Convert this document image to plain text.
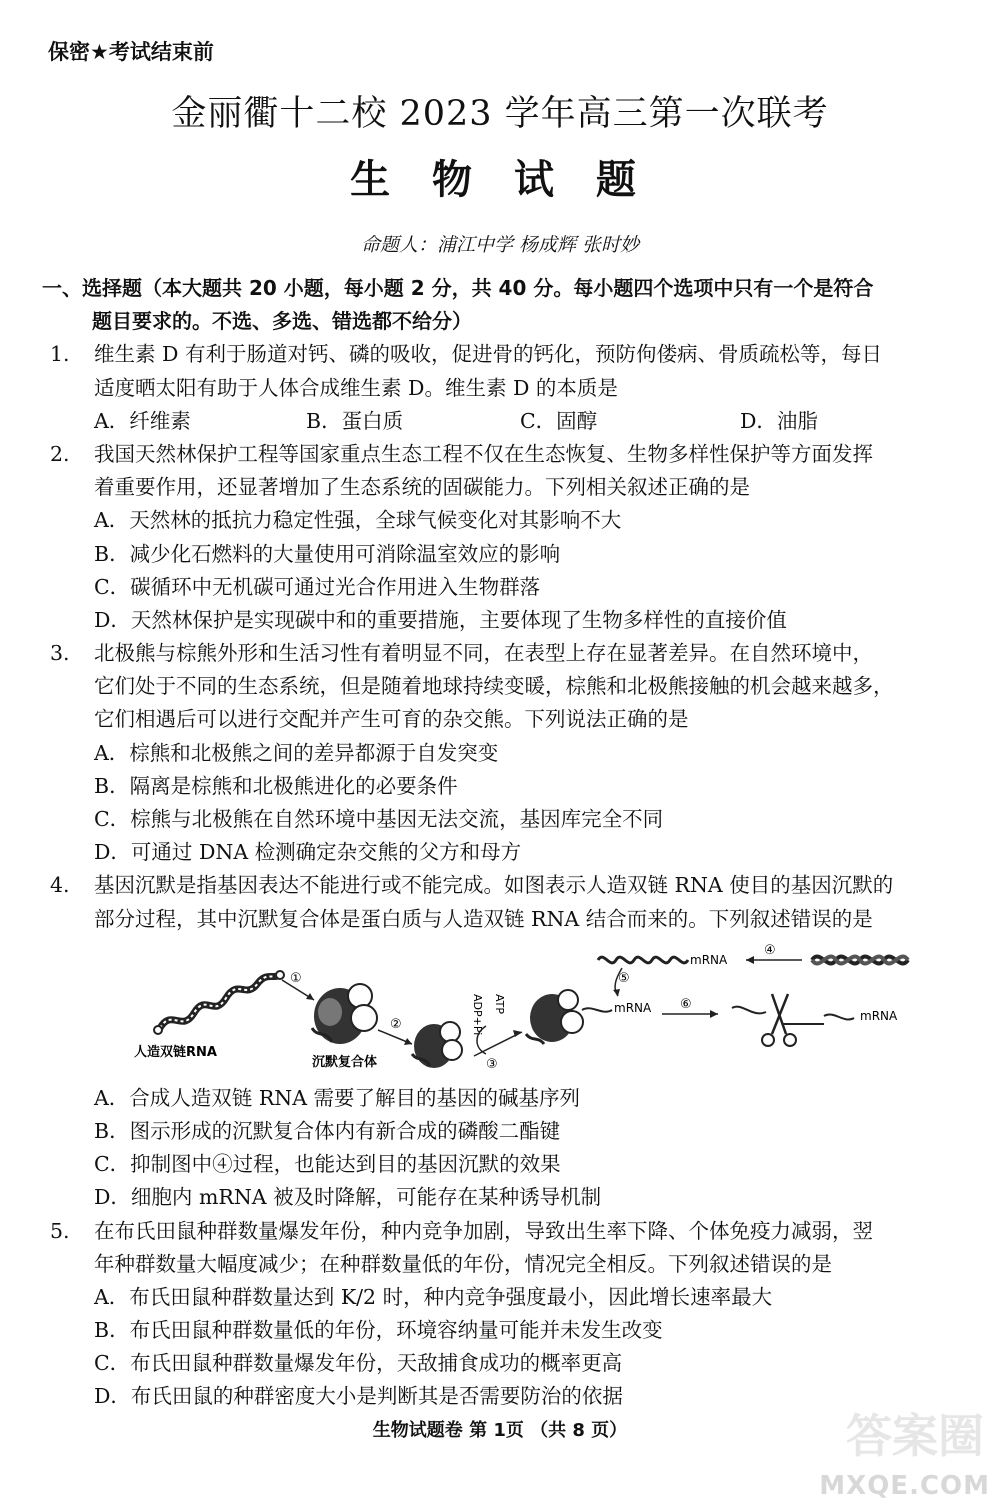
保密★考试结束前
金丽衢十二校 2023 学年高三第一次联考
生 物 试 题
命题人：浦江中学 杨成辉 张时妙
一、选择题（本大题共 20 小题，每小题 2 分，共 40 分。每小题四个选项中只有一个是符合
题目要求的。不选、多选、错选都不给分）
1. 维生素 D 有利于肠道对钙、磷的吸收，促进骨的钙化，预防佝偻病、骨质疏松等，每日
适度晒太阳有助于人体合成维生素 D。维生素 D 的本质是
A．纤维素	B．蛋白质	C．固醇	D．油脂
2. 我国天然林保护工程等国家重点生态工程不仅在生态恢复、生物多样性保护等方面发挥
着重要作用，还显著增加了生态系统的固碳能力。下列相关叙述正确的是
A．天然林的抵抗力稳定性强，全球气候变化对其影响不大
B．减少化石燃料的大量使用可消除温室效应的影响
C．碳循环中无机碳可通过光合作用进入生物群落
D．天然林保护是实现碳中和的重要措施，主要体现了生物多样性的直接价值
3. 北极熊与棕熊外形和生活习性有着明显不同，在表型上存在显著差异。在自然环境中，
它们处于不同的生态系统，但是随着地球持续变暖，棕熊和北极熊接触的机会越来越多，
它们相遇后可以进行交配并产生可育的杂交熊。下列说法正确的是
A．棕熊和北极熊之间的差异都源于自发突变
B．隔离是棕熊和北极熊进化的必要条件
C．棕熊与北极熊在自然环境中基因无法交流，基因库完全不同
D．可通过 DNA 检测确定杂交熊的父方和母方
4. 基因沉默是指基因表达不能进行或不能完成。如图表示人造双链 RNA 使目的基因沉默的
部分过程，其中沉默复合体是蛋白质与人造双链 RNA 结合而来的。下列叙述错误的是
人造双链RNA
①
沉默复合体
②	ADP+Pi ATP
③
mRNA
mRNA
④
⑤
⑥
mRNA
A．合成人造双链 RNA 需要了解目的基因的碱基序列
B．图示形成的沉默复合体内有新合成的磷酸二酯键
C．抑制图中④过程，也能达到目的基因沉默的效果
D．细胞内 mRNA 被及时降解，可能存在某种诱导机制
5. 在布氏田鼠种群数量爆发年份，种内竞争加剧，导致出生率下降、个体免疫力减弱，翌
年种群数量大幅度减少；在种群数量低的年份，情况完全相反。下列叙述错误的是
A．布氏田鼠种群数量达到 K/2 时，种内竞争强度最小，因此增长速率最大
B．布氏田鼠种群数量低的年份，环境容纳量可能并未发生改变
C．布氏田鼠种群数量爆发年份，天敌捕食成功的概率更高
D．布氏田鼠的种群密度大小是判断其是否需要防治的依据
生物试题卷 第 1页 （共 8 页）	答案圈
MXQE.COM
